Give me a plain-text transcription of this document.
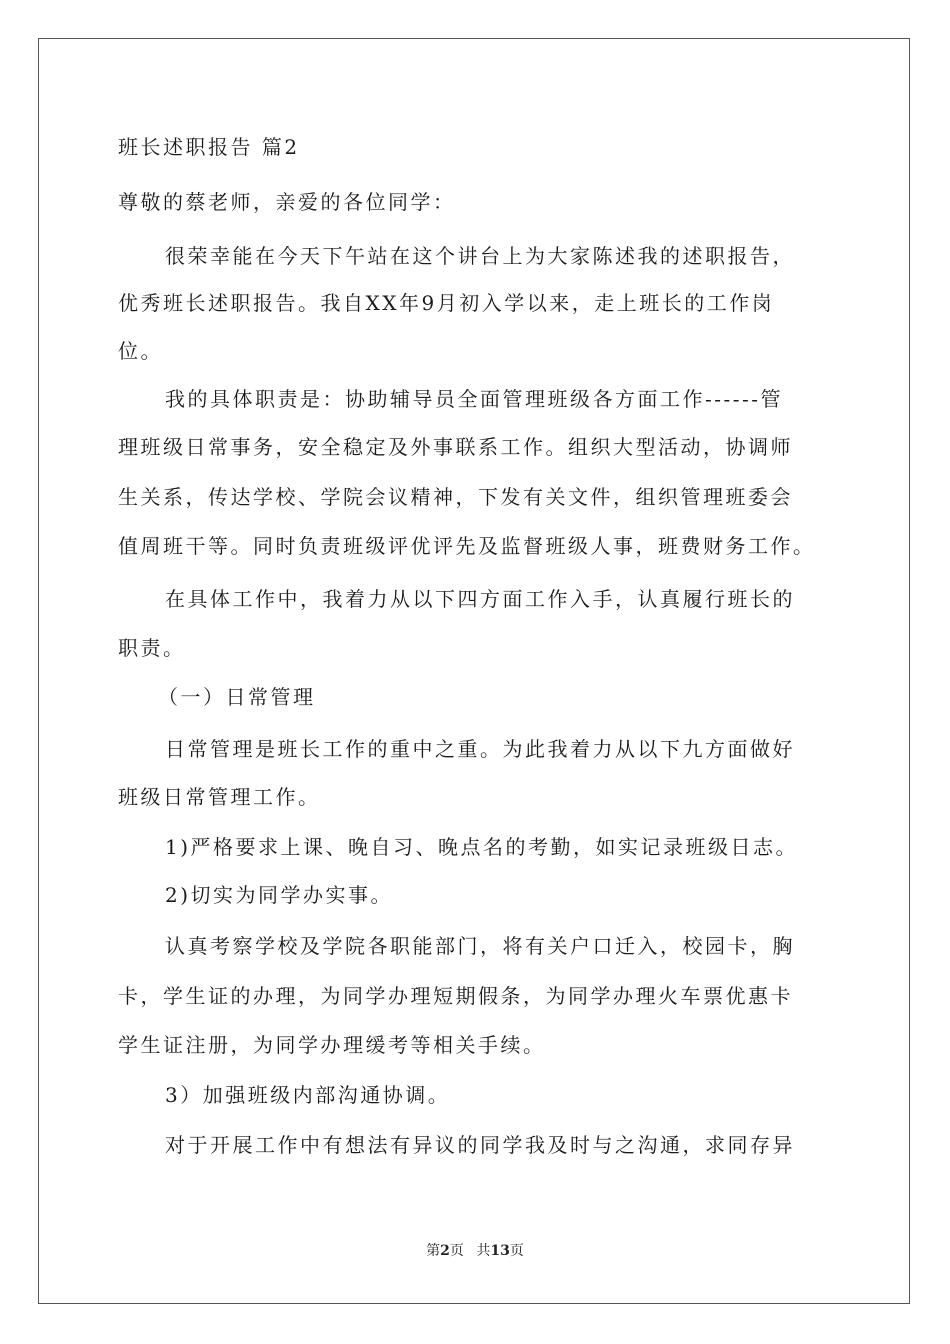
班长述职报告 篇2
尊敬的蔡老师，亲爱的各位同学：
很荣幸能在今天下午站在这个讲台上为大家陈述我的述职报告，
优秀班长述职报告。我自XX年9月初入学以来，走上班长的工作岗
位。
我的具体职责是：协助辅导员全面管理班级各方面工作------管
理班级日常事务，安全稳定及外事联系工作。组织大型活动，协调师
生关系，传达学校、学院会议精神，下发有关文件，组织管理班委会
值周班干等。同时负责班级评优评先及监督班级人事，班费财务工作。
在具体工作中，我着力从以下四方面工作入手，认真履行班长的
职责。
（一）日常管理
日常管理是班长工作的重中之重。为此我着力从以下九方面做好
班级日常管理工作。
1)严格要求上课、晚自习、晚点名的考勤，如实记录班级日志。
2)切实为同学办实事。
认真考察学校及学院各职能部门，将有关户口迁入，校园卡，胸
卡，学生证的办理，为同学办理短期假条，为同学办理火车票优惠卡
学生证注册，为同学办理缓考等相关手续。
3）加强班级内部沟通协调。
对于开展工作中有想法有异议的同学我及时与之沟通，求同存异
第2页 共13页
